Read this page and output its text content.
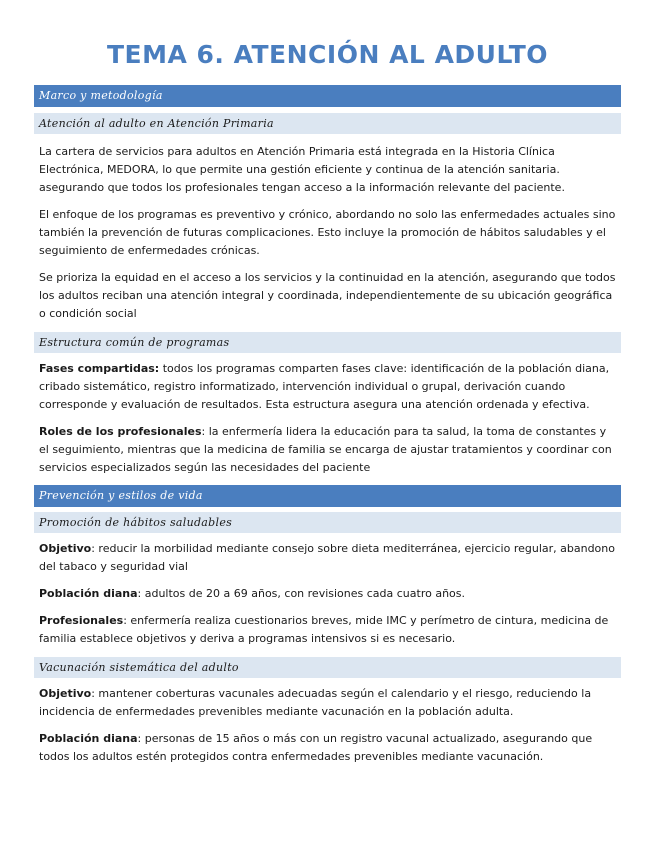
TEMA 6. ATENCIÓN AL ADULTO
Marco y metodología
Atención al adulto en Atención Primaria

La cartera de servicios para adultos en Atención Primaria está integrada en la Historia Clínica Electrónica, MEDORA, lo que permite una gestión eficiente y continua de la atención sanitaria. asegurando que todos los profesionales tengan acceso a la información relevante del paciente.

El enfoque de los programas es preventivo y crónico, abordando no solo las enfermedades actuales sino también la prevención de futuras complicaciones. Esto incluye la promoción de hábitos saludables y el seguimiento de enfermedades crónicas.

Se prioriza la equidad en el acceso a los servicios y la continuidad en la atención, asegurando que todos los adultos reciban una atención integral y coordinada, independientemente de su ubicación geográfica o condición social

Estructura común de programas

Fases compartidas: todos los programas comparten fases clave: identificación de la población diana, cribado sistemático, registro informatizado, intervención individual o grupal, derivación cuando corresponde y evaluación de resultados. Esta estructura asegura una atención ordenada y efectiva.

Roles de los profesionales: la enfermería lidera la educación para ta salud, la toma de constantes y el seguimiento, mientras que la medicina de familia se encarga de ajustar tratamientos y coordinar con servicios especializados según las necesidades del paciente

Prevención y estilos de vida
Promoción de hábitos saludables

Objetivo: reducir la morbilidad mediante consejo sobre dieta mediterránea, ejercicio regular, abandono del tabaco y seguridad vial

Población diana: adultos de 20 a 69 años, con revisiones cada cuatro años.

Profesionales: enfermería realiza cuestionarios breves, mide IMC y perímetro de cintura, medicina de familia establece objetivos y deriva a programas intensivos si es necesario.

Vacunación sistemática del adulto

Objetivo: mantener coberturas vacunales adecuadas según el calendario y el riesgo, reduciendo la incidencia de enfermedades prevenibles mediante vacunación en la población adulta.

Población diana: personas de 15 años o más con un registro vacunal actualizado, asegurando que todos los adultos estén protegidos contra enfermedades prevenibles mediante vacunación.
